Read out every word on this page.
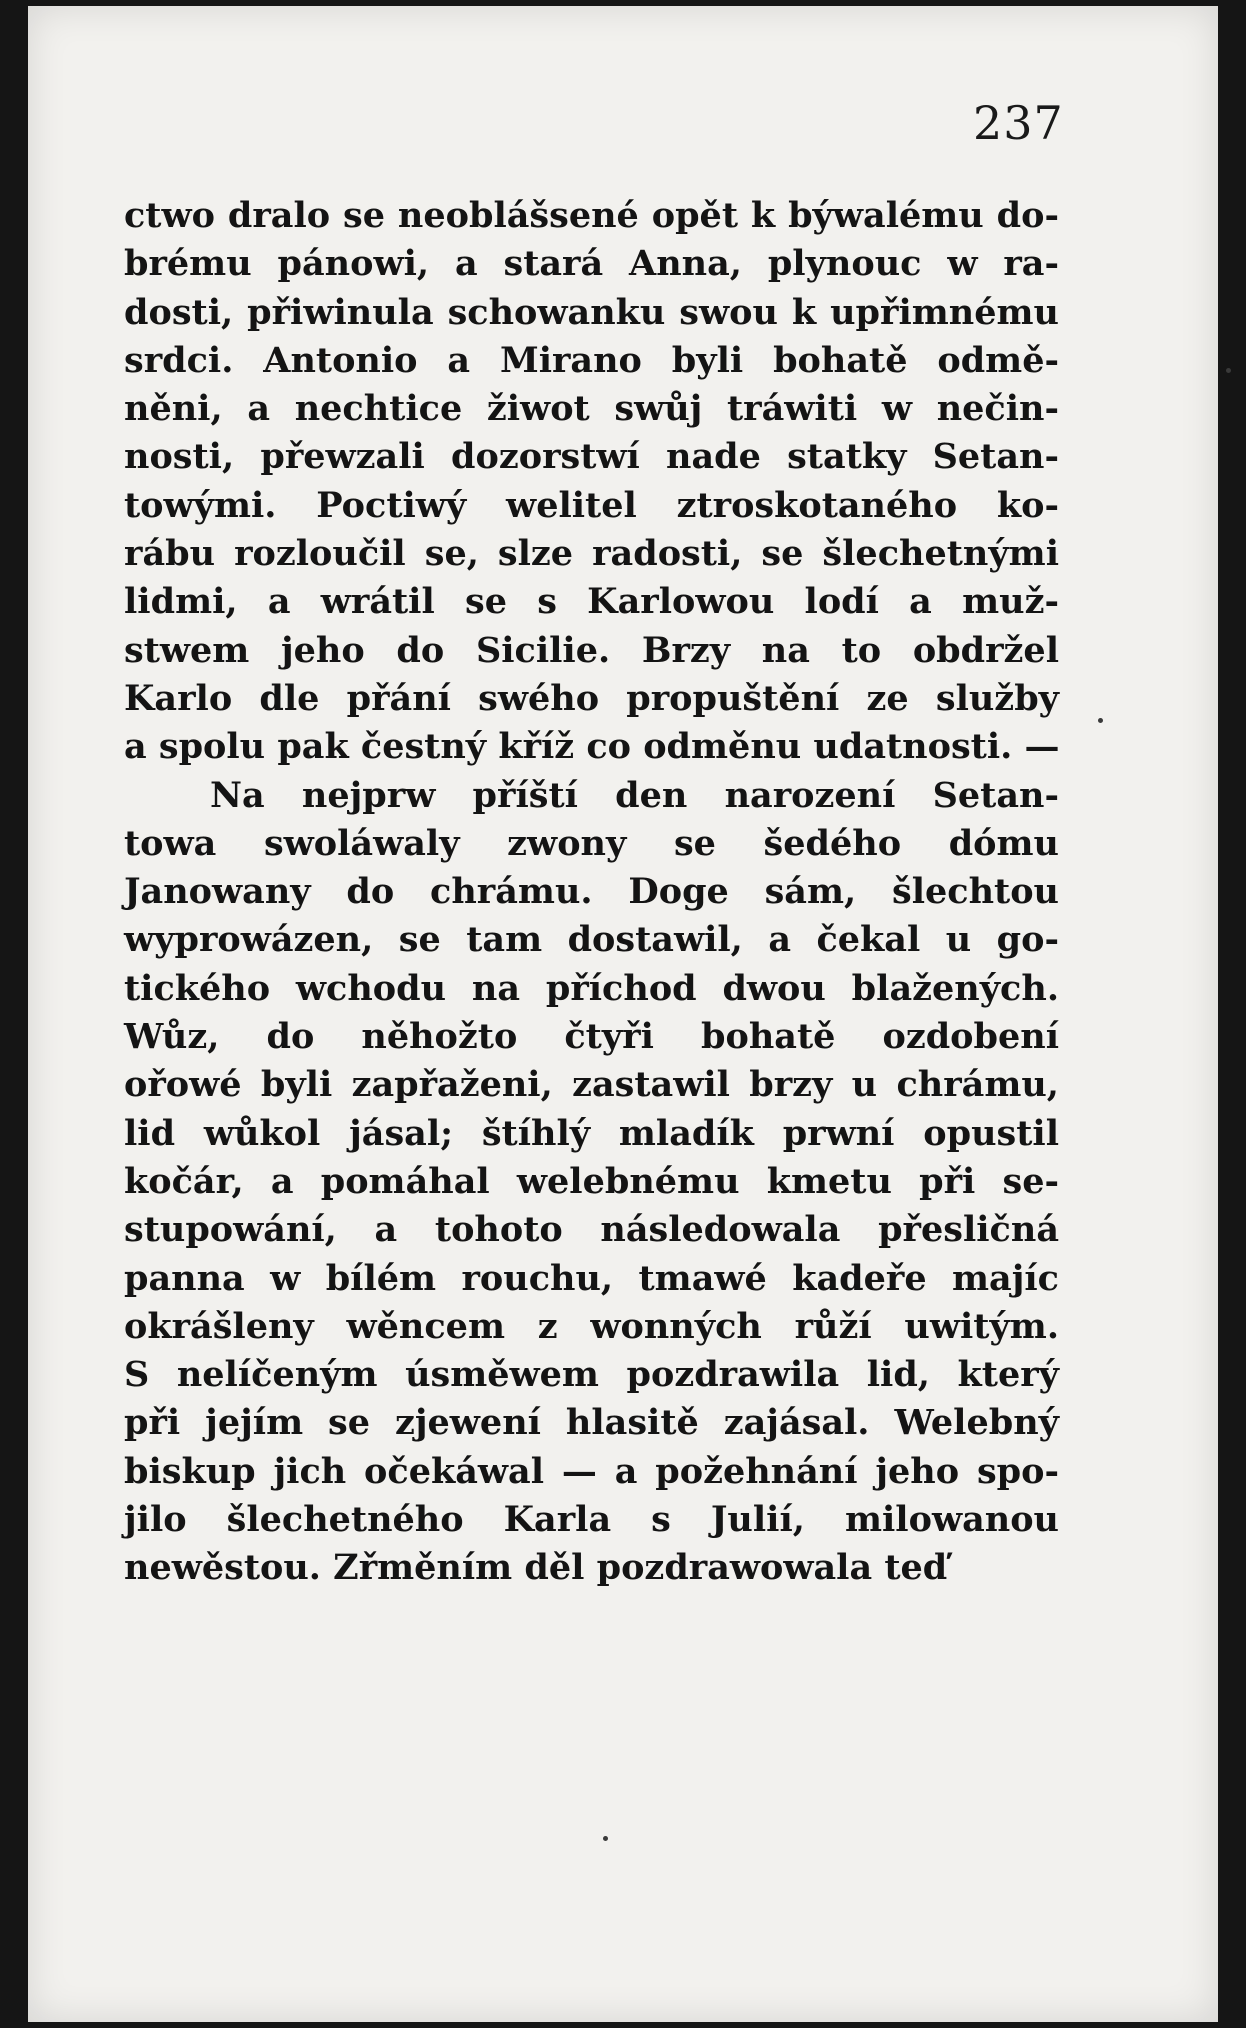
237
ctwo dralo se neoblášsené opět k býwalému do-
brému pánowi, a stará Anna, plynouc w ra-
dosti, přiwinula schowanku swou k upřimnému
srdci. Antonio a Mirano byli bohatě odmě-
něni, a nechtice žiwot swůj tráwiti w nečin-
nosti, přewzali dozorstwí nade statky Setan-
towými. Poctiwý welitel ztroskotaného ko-
rábu rozloučil se, slze radosti, se šlechetnými
lidmi, a wrátil se s Karlowou lodí a muž-
stwem jeho do Sicilie. Brzy na to obdržel
Karlo dle přání swého propuštění ze služby
a spolu pak čestný kříž co odměnu udatnosti. —
Na nejprw příští den narození Setan-
towa swoláwaly zwony se šedého dómu
Janowany do chrámu. Doge sám, šlechtou
wyprowázen, se tam dostawil, a čekal u go-
tického wchodu na příchod dwou blažených.
Wůz, do něhožto čtyři bohatě ozdobení
ořowé byli zapřaženi, zastawil brzy u chrámu,
lid wůkol jásal; štíhlý mladík prwní opustil
kočár, a pomáhal welebnému kmetu při se-
stupowání, a tohoto následowala přesličná
panna w bílém rouchu, tmawé kadeře majíc
okrášleny wěncem z wonných růží uwitým.
S nelíčeným úsměwem pozdrawila lid, který
při jejím se zjewení hlasitě zajásal. Welebný
biskup jich očekáwal — a požehnání jeho spo-
jilo šlechetného Karla s Julií, milowanou
newěstou. Zřměním děl pozdrawowala teď
